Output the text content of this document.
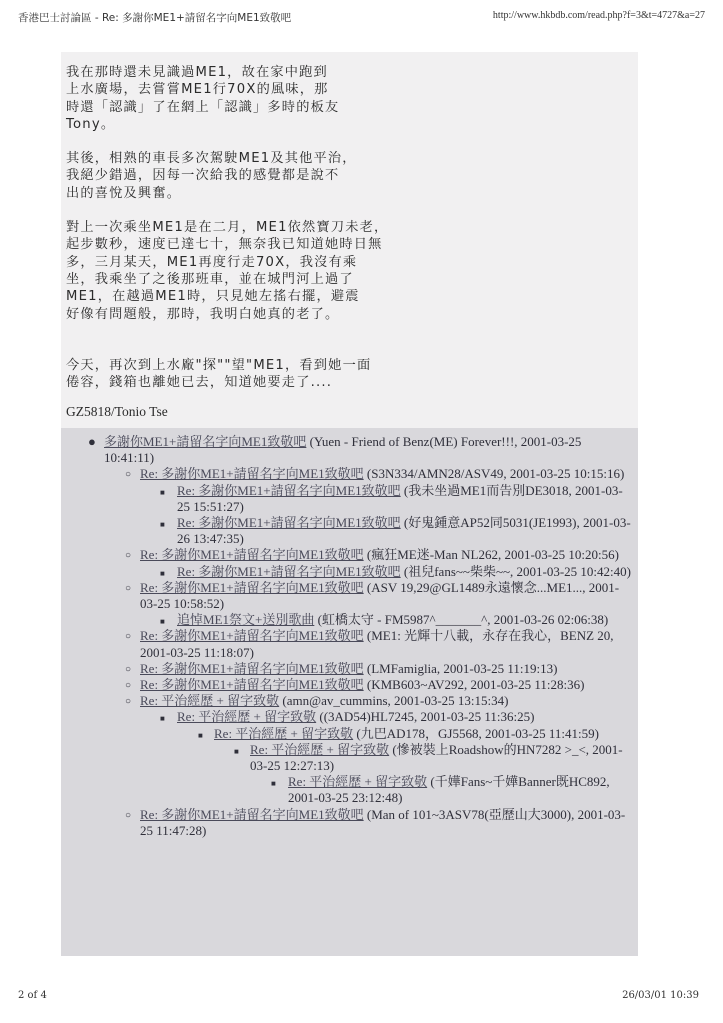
香港巴士討論區 - Re: 多謝你ME1+請留名字向ME1致敬吧	http://www.hkbdb.com/read.php?f=3&t=4727&a=27
我在那時還未見識過ME1，故在家中跑到
上水廣場，去嘗嘗ME1行70X的風味，那
時還「認識」了在網上「認識」多時的板友
Tony。
其後，相熟的車長多次駕駛ME1及其他平治，
我絕少錯過，因每一次給我的感覺都是說不
出的喜悅及興奮。
對上一次乘坐ME1是在二月，ME1依然寶刀未老，
起步數秒，速度已達七十，無奈我已知道她時日無
多，三月某天，ME1再度行走70X，我沒有乘
坐，我乘坐了之後那班車，並在城門河上過了
ME1，在越過ME1時，只見她左搖右擺，避震
好像有問題般，那時，我明白她真的老了。
今天，再次到上水廠"探""望"ME1，看到她一面
倦容，錢箱也離她已去，知道她要走了....
GZ5818/Tonio Tse
● 多謝你ME1+請留名字向ME1致敬吧 (Yuen - Friend of Benz(ME) Forever!!!, 2001-03-25 10:41:11)
○ Re: 多謝你ME1+請留名字向ME1致敬吧 (S3N334/AMN28/ASV49, 2001-03-25 10:15:16)
■ Re: 多謝你ME1+請留名字向ME1致敬吧 (我未坐過ME1而告別DE3018, 2001-03-25 15:51:27)
■ Re: 多謝你ME1+請留名字向ME1致敬吧 (好鬼鍾意AP52同5031(JE1993), 2001-03-26 13:47:35)
○ Re: 多謝你ME1+請留名字向ME1致敬吧 (瘋狂ME迷-Man NL262, 2001-03-25 10:20:56)
■ Re: 多謝你ME1+請留名字向ME1致敬吧 (祖兒fans~~柴柴~~, 2001-03-25 10:42:40)
○ Re: 多謝你ME1+請留名字向ME1致敬吧 (ASV 19,29@GL1489永遠懷念...ME1..., 2001-03-25 10:58:52)
■ 追悼ME1祭文+送別歌曲 (虹橋太守 - FM5987^_______^, 2001-03-26 02:06:38)
○ Re: 多謝你ME1+請留名字向ME1致敬吧 (ME1: 光輝十八載，永存在我心，BENZ 20, 2001-03-25 11:18:07)
○ Re: 多謝你ME1+請留名字向ME1致敬吧 (LMFamiglia, 2001-03-25 11:19:13)
○ Re: 多謝你ME1+請留名字向ME1致敬吧 (KMB603~AV292, 2001-03-25 11:28:36)
○ Re: 平治經歷 + 留字致敬 (amn@av_cummins, 2001-03-25 13:15:34)
■ Re: 平治經歷 + 留字致敬 ((3AD54)HL7245, 2001-03-25 11:36:25)
■ Re: 平治經歷 + 留字致敬 (九巴AD178，GJ5568, 2001-03-25 11:41:59)
■ Re: 平治經歷 + 留字致敬 (慘被裝上Roadshow的HN7282 >_<, 2001-03-25 12:27:13)
■ Re: 平治經歷 + 留字致敬 (千嬅Fans~千嬅Banner既HC892, 2001-03-25 23:12:48)
○ Re: 多謝你ME1+請留名字向ME1致敬吧 (Man of 101~3ASV78(亞歷山大3000), 2001-03-25 11:47:28)
2 of 4	26/03/01 10:39
